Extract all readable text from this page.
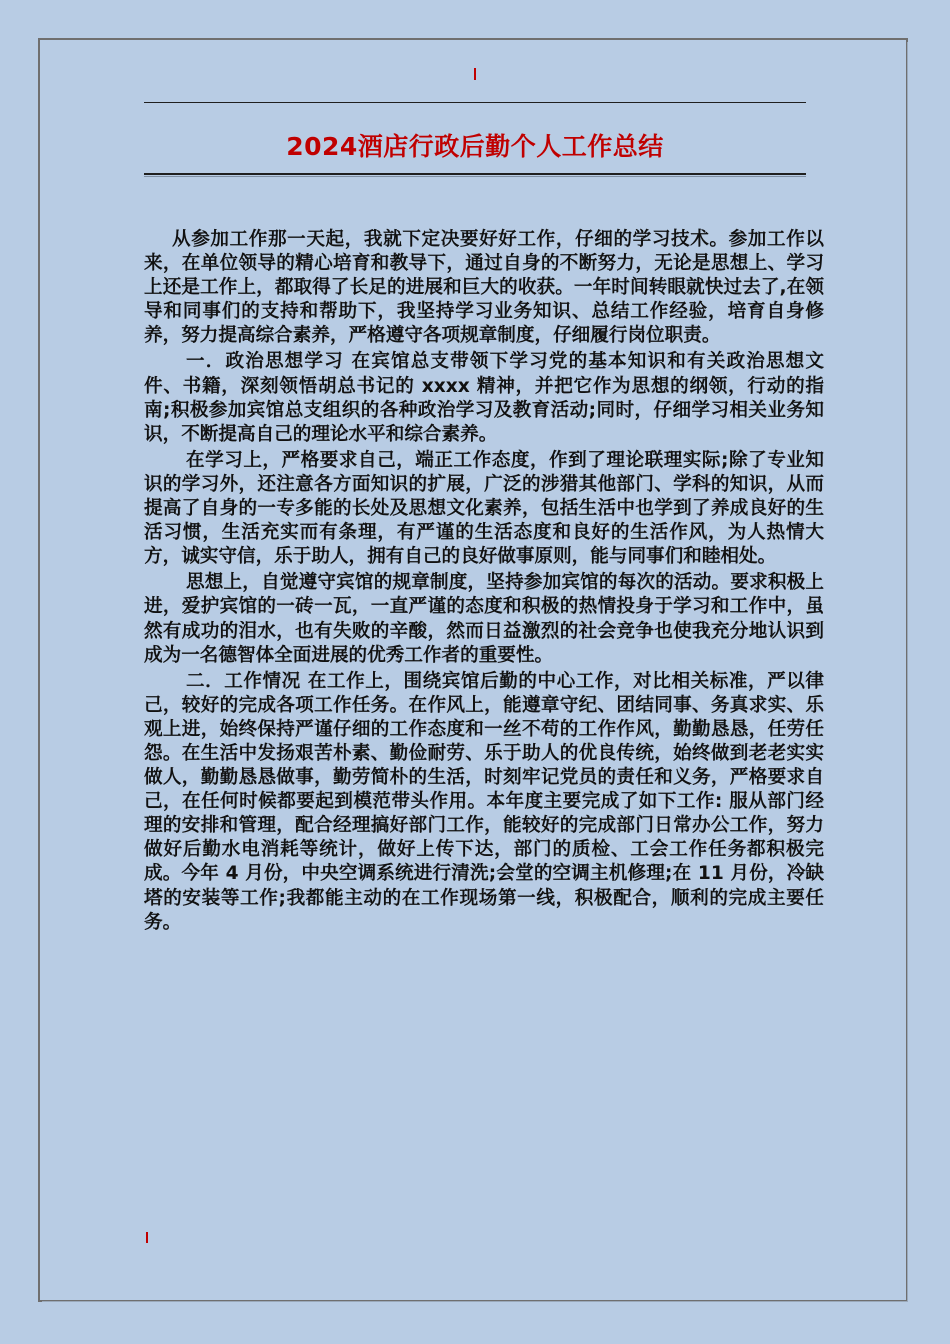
2024酒店行政后勤个人工作总结

从参加工作那一天起，我就下定决要好好工作，仔细的学习技术。参加工作以来，在单位领导的精心培育和教导下，通过自身的不断努力，无论是思想上、学习上还是工作上，都取得了长足的进展和巨大的收获。一年时间转眼就快过去了,在领导和同事们的支持和帮助下，我坚持学习业务知识、总结工作经验，培育自身修养，努力提高综合素养，严格遵守各项规章制度，仔细履行岗位职责。

一．政治思想学习 在宾馆总支带领下学习党的基本知识和有关政治思想文件、书籍，深刻领悟胡总书记的 xxxx 精神，并把它作为思想的纲领，行动的指南;积极参加宾馆总支组织的各种政治学习及教育活动;同时，仔细学习相关业务知识，不断提高自己的理论水平和综合素养。

在学习上，严格要求自己，端正工作态度，作到了理论联理实际;除了专业知识的学习外，还注意各方面知识的扩展，广泛的涉猎其他部门、学科的知识，从而提高了自身的一专多能的长处及思想文化素养，包括生活中也学到了养成良好的生活习惯，生活充实而有条理，有严谨的生活态度和良好的生活作风，为人热情大方，诚实守信，乐于助人，拥有自己的良好做事原则，能与同事们和睦相处。

思想上，自觉遵守宾馆的规章制度，坚持参加宾馆的每次的活动。要求积极上进，爱护宾馆的一砖一瓦，一直严谨的态度和积极的热情投身于学习和工作中，虽然有成功的泪水，也有失败的辛酸，然而日益激烈的社会竞争也使我充分地认识到成为一名德智体全面进展的优秀工作者的重要性。

二．工作情况 在工作上，围绕宾馆后勤的中心工作，对比相关标准，严以律己，较好的完成各项工作任务。在作风上，能遵章守纪、团结同事、务真求实、乐观上进，始终保持严谨仔细的工作态度和一丝不苟的工作作风，勤勤恳恳，任劳任怨。在生活中发扬艰苦朴素、勤俭耐劳、乐于助人的优良传统，始终做到老老实实做人，勤勤恳恳做事，勤劳简朴的生活，时刻牢记党员的责任和义务，严格要求自己，在任何时候都要起到模范带头作用。本年度主要完成了如下工作: 服从部门经理的安排和管理，配合经理搞好部门工作，能较好的完成部门日常办公工作，努力做好后勤水电消耗等统计，做好上传下达，部门的质检、工会工作任务都积极完成。今年 4 月份，中央空调系统进行清洗;会堂的空调主机修理;在 11 月份，冷缺塔的安装等工作;我都能主动的在工作现场第一线，积极配合，顺利的完成主要任务。
